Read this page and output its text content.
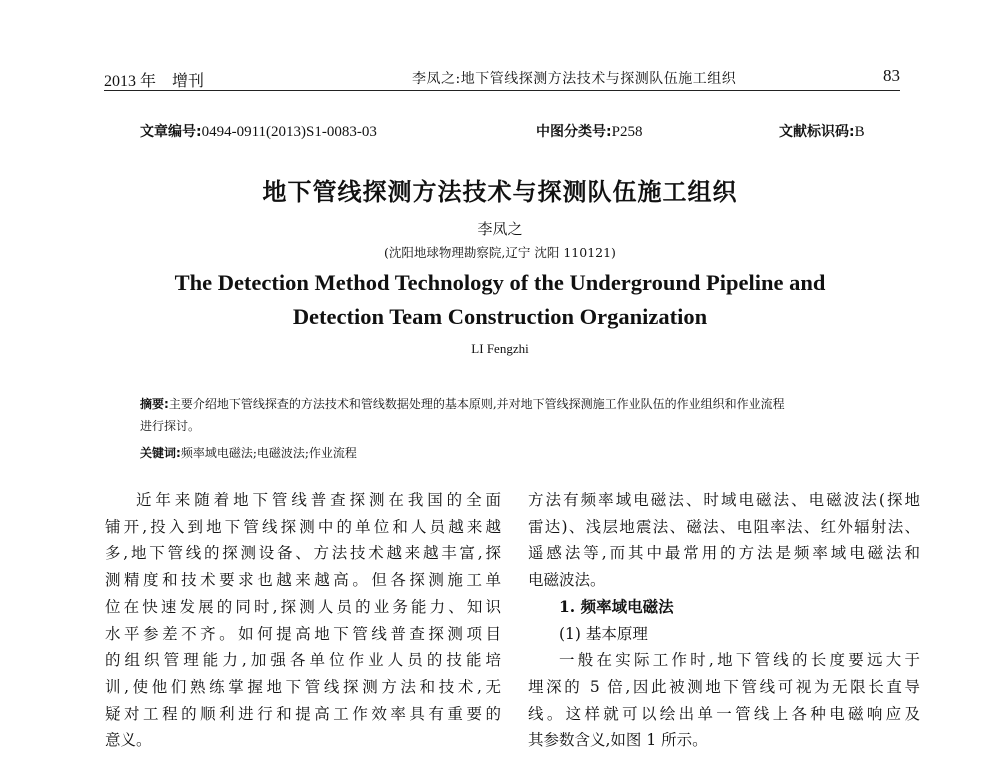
2013 年　增刊	李凤之:地下管线探测方法技术与探测队伍施工组织	83
文章编号:0494-0911(2013)S1-0083-03	中图分类号:P258	文献标识码:B
地下管线探测方法技术与探测队伍施工组织
李凤之
(沈阳地球物理勘察院,辽宁 沈阳 110121)
The Detection Method Technology of the Underground Pipeline and
Detection Team Construction Organization
LI Fengzhi
摘要:主要介绍地下管线探查的方法技术和管线数据处理的基本原则,并对地下管线探测施工作业队伍的作业组织和作业流程
进行探讨。
关键词:频率域电磁法;电磁波法;作业流程

近年来随着地下管线普查探测在我国的全面

铺开,投入到地下管线探测中的单位和人员越来越

多,地下管线的探测设备、方法技术越来越丰富,探

测精度和技术要求也越来越高。但各探测施工单

位在快速发展的同时,探测人员的业务能力、知识

水平参差不齐。如何提高地下管线普查探测项目

的组织管理能力,加强各单位作业人员的技能培

训,使他们熟练掌握地下管线探测方法和技术,无

疑对工程的顺利进行和提高工作效率具有重要的

意义。

方法有频率域电磁法、时域电磁法、电磁波法(探地

雷达)、浅层地震法、磁法、电阻率法、红外辐射法、

遥感法等,而其中最常用的方法是频率域电磁法和

电磁波法。

1. 频率域电磁法

(1) 基本原理

一般在实际工作时,地下管线的长度要远大于

埋深的 5 倍,因此被测地下管线可视为无限长直导

线。这样就可以绘出单一管线上各种电磁响应及

其参数含义,如图 1 所示。
